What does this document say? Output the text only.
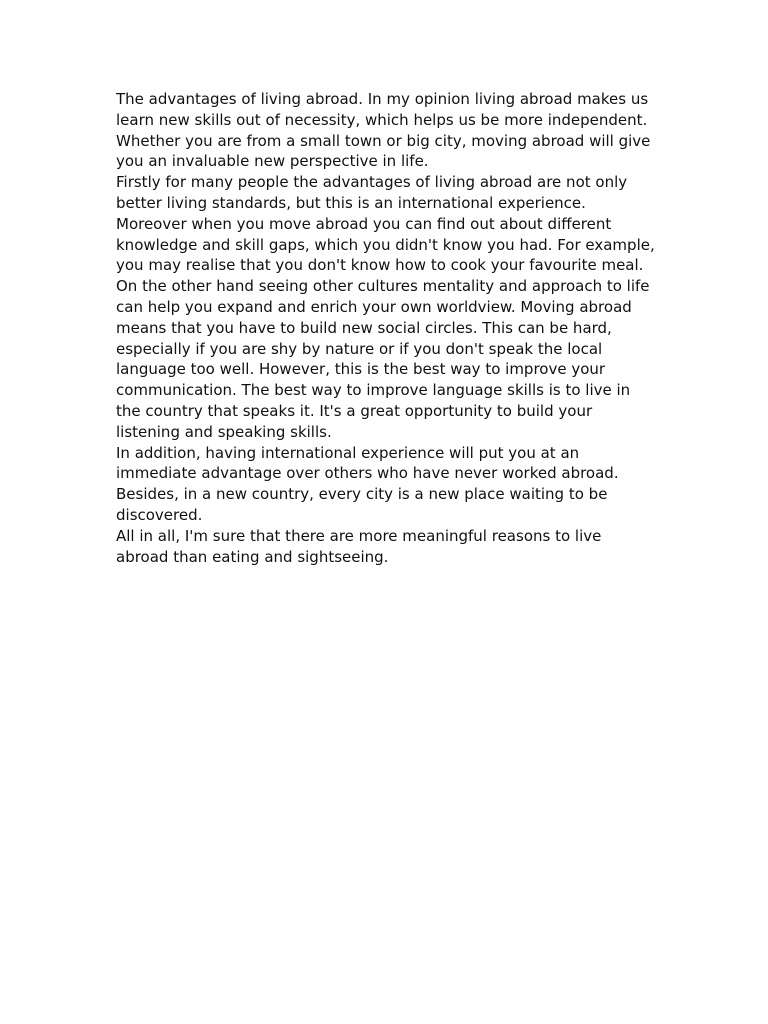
The advantages of living abroad. In my opinion living abroad makes us learn new skills out of necessity, which helps us be more independent. Whether you are from a small town or big city, moving abroad will give you an invaluable new perspective in life.

Firstly for many people the advantages of living abroad are not only better living standards, but this is an international experience.

Moreover when you move abroad you can find out about different knowledge and skill gaps, which you didn't know you had. For example, you may realise that you don't know how to cook your favourite meal.

On the other hand seeing other cultures mentality and approach to life can help you expand and enrich your own worldview. Moving abroad means that you have to build new social circles. This can be hard, especially if you are shy by nature or if you don't speak the local language too well. However, this is the best way to improve your communication. The best way to improve language skills is to live in the country that speaks it. It's a great opportunity to build your listening and speaking skills.

In addition, having international experience will put you at an immediate advantage over others who have never worked abroad.

Besides, in a new country, every city is a new place waiting to be discovered.

All in all, I'm sure that there are more meaningful reasons to live abroad than eating and sightseeing.
